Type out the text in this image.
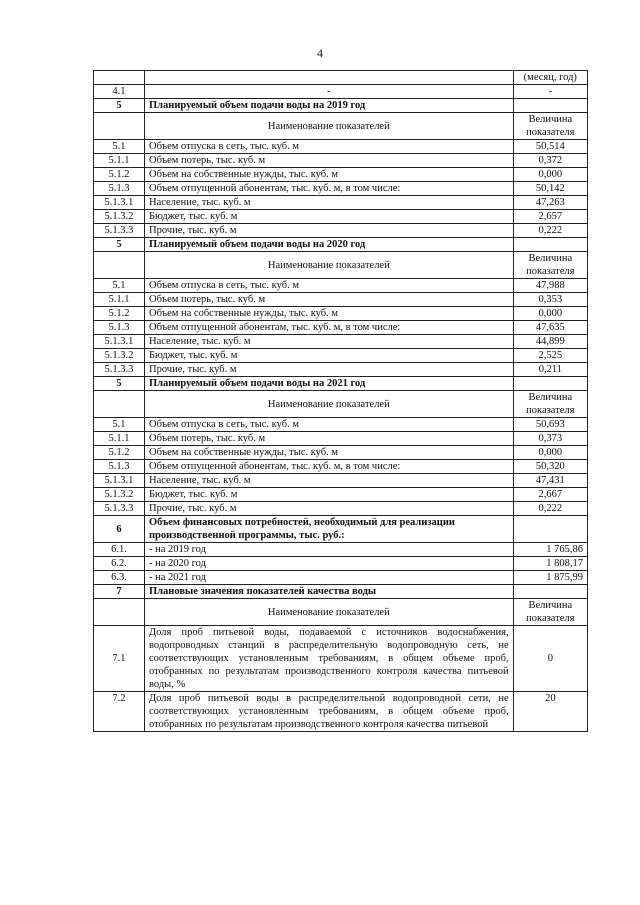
4
		(месяц, год)
4.1	-	-
5	Планируемый объем подачи воды на 2019 год	
	Наименование показателей	Величина показателя
5.1	Объем отпуска в сеть, тыс. куб. м	50,514
5.1.1	Объем потерь, тыс. куб. м	0,372
5.1.2	Объем на собственные нужды, тыс. куб. м	0,000
5.1.3	Объем отпущенной абонентам, тыс. куб. м, в том числе:	50,142
5.1.3.1	Население, тыс. куб. м	47,263
5.1.3.2	Бюджет, тыс. куб. м	2,657
5.1.3.3	Прочие, тыс. куб. м	0,222
5	Планируемый объем подачи воды на 2020 год	
	Наименование показателей	Величина показателя
5.1	Объем отпуска в сеть, тыс. куб. м	47,988
5.1.1	Объем потерь, тыс. куб. м	0,353
5.1.2	Объем на собственные нужды, тыс. куб. м	0,000
5.1.3	Объем отпущенной абонентам, тыс. куб. м, в том числе:	47,635
5.1.3.1	Население, тыс. куб. м	44,899
5.1.3.2	Бюджет, тыс. куб. м	2,525
5.1.3.3	Прочие, тыс. куб. м	0,211
5	Планируемый объем подачи воды на 2021 год	
	Наименование показателей	Величина показателя
5.1	Объем отпуска в сеть, тыс. куб. м	50,693
5.1.1	Объем потерь, тыс. куб. м	0,373
5.1.2	Объем на собственные нужды, тыс. куб. м	0,000
5.1.3	Объем отпущенной абонентам, тыс. куб. м, в том числе:	50,320
5.1.3.1	Население, тыс. куб. м	47,431
5.1.3.2	Бюджет, тыс. куб. м	2,667
5.1.3.3	Прочие, тыс. куб. м	0,222
6	Объем финансовых потребностей, необходимый для реализации производственной программы, тыс. руб.:	
6.1.	- на 2019 год	1 765,86
6.2.	- на 2020 год	1 808,17
6.3.	- на 2021 год	1 875,99
7	Плановые значения показателей качества воды	
	Наименование показателей	Величина показателя
7.1	Доля проб питьевой воды, подаваемой с источников водоснабжения, водопроводных станций в распределительную водопроводную сеть, не соответствующих установленным требованиям, в общем объеме проб, отобранных по результатам производственного контроля качества питьевой воды, %	0
7.2	Доля проб питьевой воды в распределительной водопроводной сети, не соответствующих установленным требованиям, в общем объеме проб, отобранных по результатам производственного контроля качества питьевой	20
